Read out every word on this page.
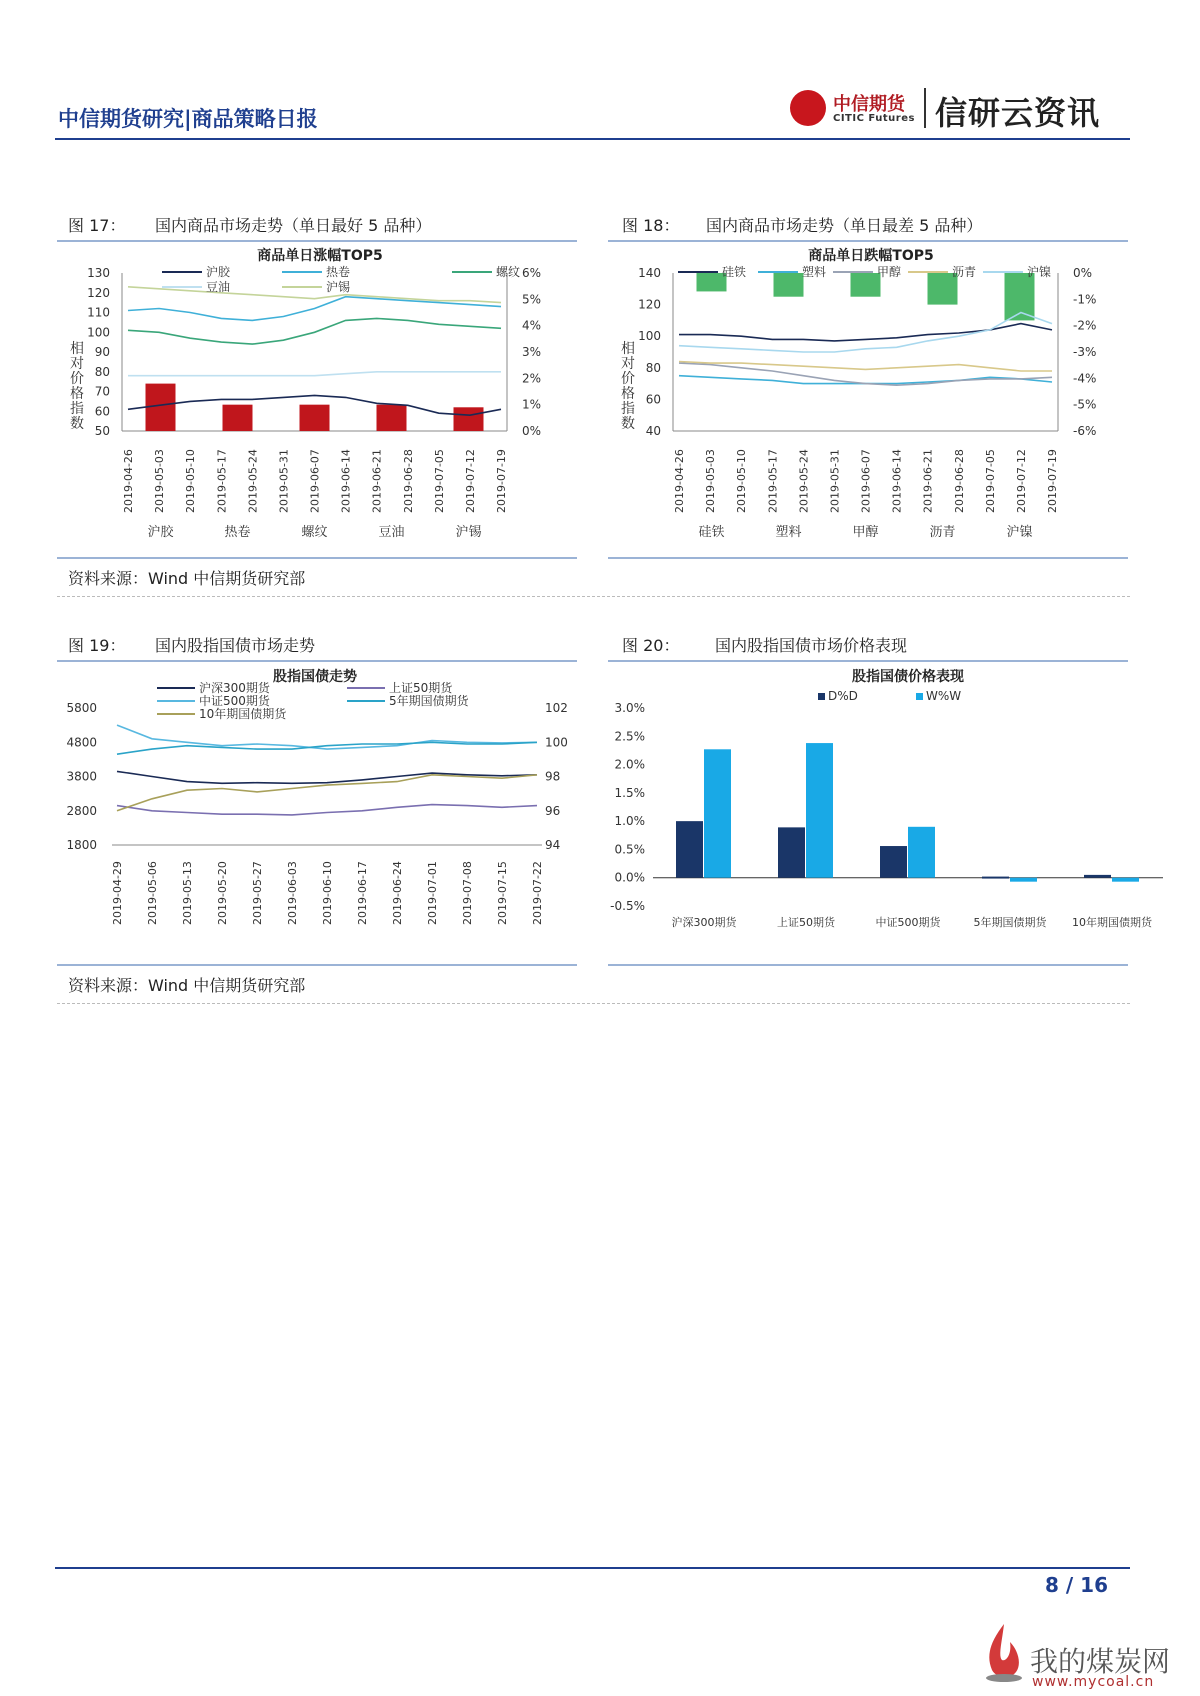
中信期货研究|商品策略日报
中信期货
CITIC Futures 信研云资讯
图 17： 国内商品市场走势（单日最好 5 品种）	图 18： 国内商品市场走势（单日最差 5 品种）
商品单日涨幅TOP5
130
120
110
100
90
80
70
60
50
6%
5%
4%
3%
2%
1%
0%
相
对
价
格
指
数
沪胶	热卷	螺纹	豆油	沪锡
2019-04-26 2019-05-03 2019-05-10 2019-05-17 2019-05-24 2019-05-31 2019-06-07 2019-06-14 2019-06-21 2019-06-28 2019-07-05 2019-07-12 2019-07-19
沪胶	热卷	螺纹
豆油	沪锡
商品单日跌幅TOP5
140
120
100
80
60
40
0%
-1%
-2%
-3%
-4%
-5%
-6%
相
对
价
格
指
数
硅铁	塑料	甲醇	沥青	沪镍
2019-04-26 2019-05-03 2019-05-10 2019-05-17 2019-05-24 2019-05-31 2019-06-07 2019-06-14 2019-06-21 2019-06-28 2019-07-05 2019-07-12 2019-07-19
硅铁	塑料	甲醇	沥青	沪镍
资料来源：Wind 中信期货研究部
图 19： 国内股指国债市场走势	图 20： 国内股指国债市场价格表现
股指国债走势
5800
4800
3800
2800
1800
102
100
98
96
94
2019-04-29 2019-05-06 2019-05-13 2019-05-20 2019-05-27 2019-06-03 2019-06-10 2019-06-17 2019-06-24 2019-07-01 2019-07-08 2019-07-15 2019-07-22
沪深300期货	上证50期货
中证500期货	5年期国债期货
10年期国债期货
股指国债价格表现
3.0%
2.5%
2.0%
1.5%
1.0%
0.5%
0.0%
-0.5%
沪深300期货	上证50期货	中证500期货	5年期国债期货 10年期国债期货
D%D	W%W
资料来源：Wind 中信期货研究部
8 / 16
我的煤炭网
www.mycoal.cn
